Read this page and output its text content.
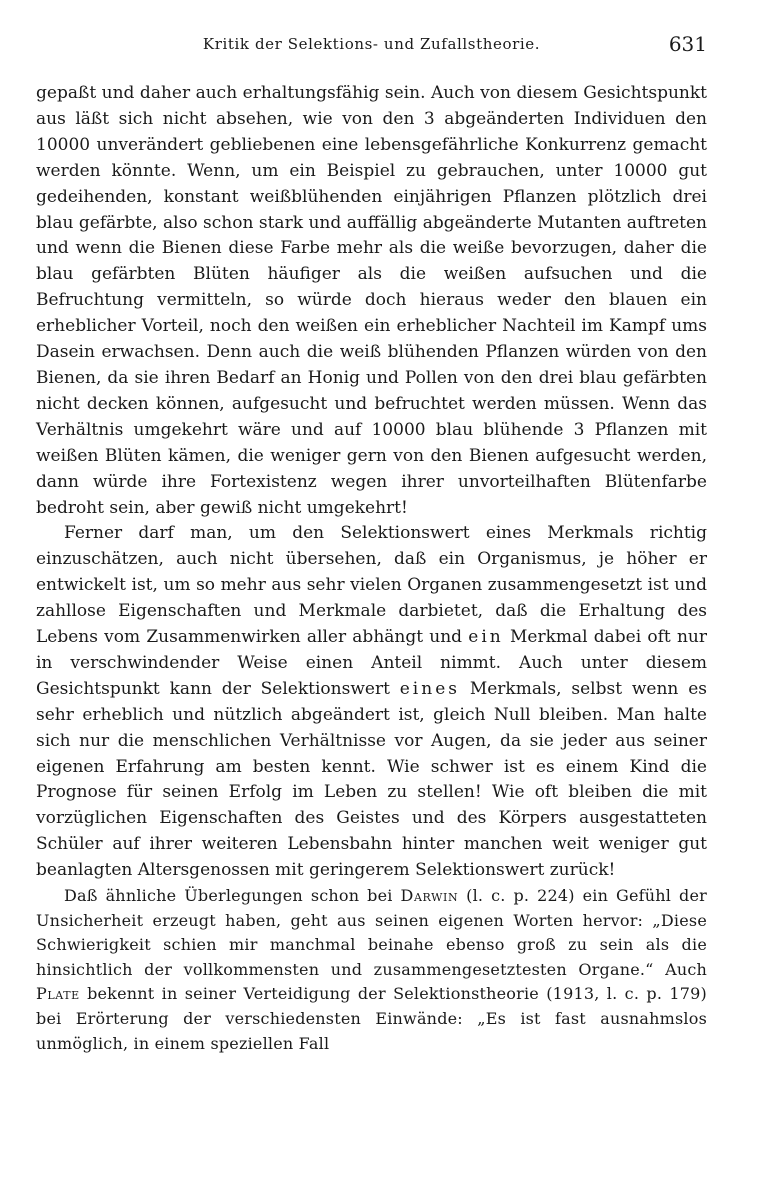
Kritik der Selektions- und Zufallstheorie.	631

gepaßt und daher auch erhaltungsfähig sein. Auch von diesem Gesichtspunkt aus läßt sich nicht absehen, wie von den 3 abgeänderten Individuen den 10000 unverändert gebliebenen eine lebensgefährliche Konkurrenz gemacht werden könnte. Wenn, um ein Beispiel zu gebrauchen, unter 10000 gut gedeihenden, konstant weißblühenden einjährigen Pflanzen plötzlich drei blau gefärbte, also schon stark und auffällig abgeänderte Mutanten auftreten und wenn die Bienen diese Farbe mehr als die weiße bevorzugen, daher die blau gefärbten Blüten häufiger als die weißen aufsuchen und die Befruchtung vermitteln, so würde doch hieraus weder den blauen ein erheblicher Vorteil, noch den weißen ein erheblicher Nachteil im Kampf ums Dasein erwachsen. Denn auch die weiß blühenden Pflanzen würden von den Bienen, da sie ihren Bedarf an Honig und Pollen von den drei blau gefärbten nicht decken können, aufgesucht und befruchtet werden müssen. Wenn das Verhältnis umgekehrt wäre und auf 10000 blau blühende 3 Pflanzen mit weißen Blüten kämen, die weniger gern von den Bienen aufgesucht werden, dann würde ihre Fortexistenz wegen ihrer unvorteilhaften Blütenfarbe bedroht sein, aber gewiß nicht umgekehrt!

Ferner darf man, um den Selektionswert eines Merkmals richtig einzuschätzen, auch nicht übersehen, daß ein Organismus, je höher er entwickelt ist, um so mehr aus sehr vielen Organen zusammengesetzt ist und zahllose Eigenschaften und Merkmale darbietet, daß die Erhaltung des Lebens vom Zusammenwirken aller abhängt und ein Merkmal dabei oft nur in verschwindender Weise einen Anteil nimmt. Auch unter diesem Gesichtspunkt kann der Selektionswert eines Merkmals, selbst wenn es sehr erheblich und nützlich abgeändert ist, gleich Null bleiben. Man halte sich nur die menschlichen Verhältnisse vor Augen, da sie jeder aus seiner eigenen Erfahrung am besten kennt. Wie schwer ist es einem Kind die Prognose für seinen Erfolg im Leben zu stellen! Wie oft bleiben die mit vorzüglichen Eigenschaften des Geistes und des Körpers ausgestatteten Schüler auf ihrer weiteren Lebensbahn hinter manchen weit weniger gut beanlagten Altersgenossen mit geringerem Selektionswert zurück!

Daß ähnliche Überlegungen schon bei Darwin (l. c. p. 224) ein Gefühl der Unsicherheit erzeugt haben, geht aus seinen eigenen Worten hervor: „Diese Schwierigkeit schien mir manchmal beinahe ebenso groß zu sein als die hinsichtlich der vollkommensten und zusammengesetztesten Organe.“ Auch Plate bekennt in seiner Verteidigung der Selektionstheorie (1913, l. c. p. 179) bei Erörterung der verschiedensten Einwände: „Es ist fast ausnahmslos unmöglich, in einem speziellen Fall
